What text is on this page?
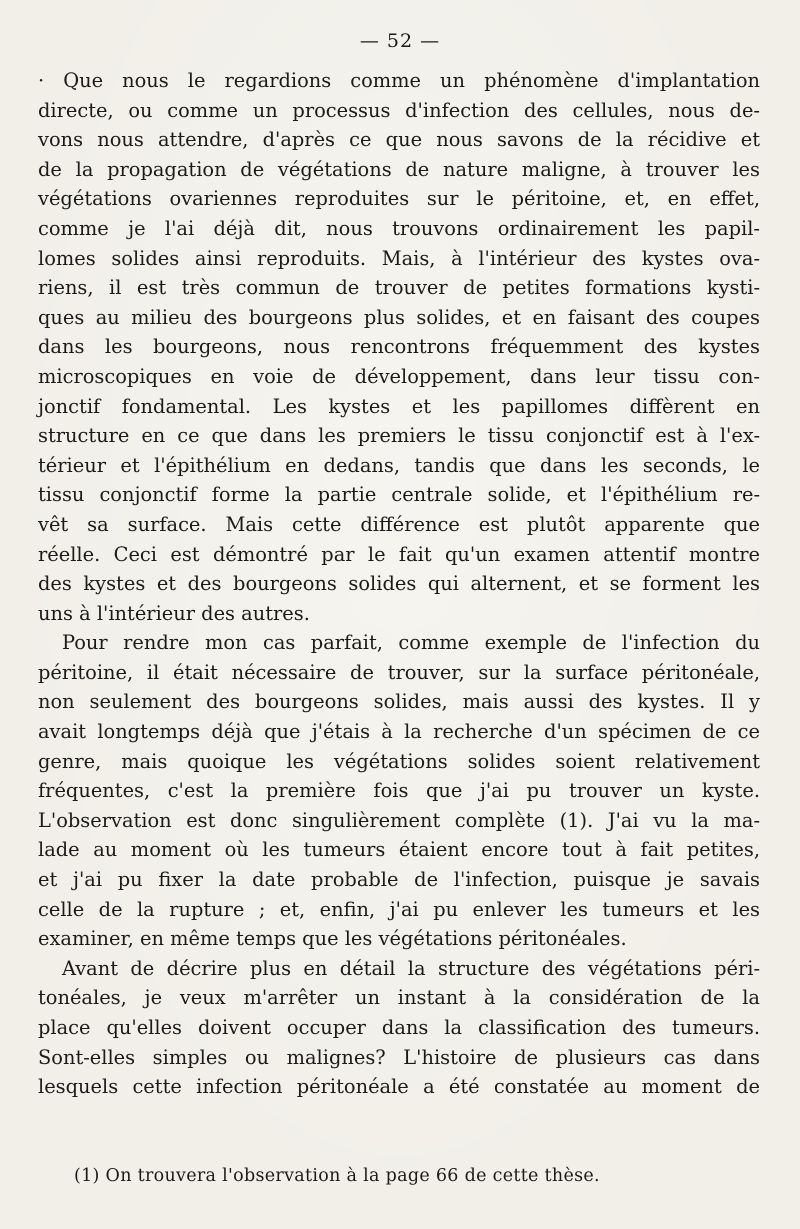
— 52 —

· Que nous le regardions comme un phénomène d'implantation

directe, ou comme un processus d'infection des cellules, nous de-

vons nous attendre, d'après ce que nous savons de la récidive et

de la propagation de végétations de nature maligne, à trouver les

végétations ovariennes reproduites sur le péritoine, et, en effet,

comme je l'ai déjà dit, nous trouvons ordinairement les papil-

lomes solides ainsi reproduits. Mais, à l'intérieur des kystes ova-

riens, il est très commun de trouver de petites formations kysti-

ques au milieu des bourgeons plus solides, et en faisant des coupes

dans les bourgeons, nous rencontrons fréquemment des kystes

microscopiques en voie de développement, dans leur tissu con-

jonctif fondamental. Les kystes et les papillomes diffèrent en

structure en ce que dans les premiers le tissu conjonctif est à l'ex-

térieur et l'épithélium en dedans, tandis que dans les seconds, le

tissu conjonctif forme la partie centrale solide, et l'épithélium re-

vêt sa surface. Mais cette différence est plutôt apparente que

réelle. Ceci est démontré par le fait qu'un examen attentif montre

des kystes et des bourgeons solides qui alternent, et se forment les

uns à l'intérieur des autres.

Pour rendre mon cas parfait, comme exemple de l'infection du

péritoine, il était nécessaire de trouver, sur la surface péritonéale,

non seulement des bourgeons solides, mais aussi des kystes. Il y

avait longtemps déjà que j'étais à la recherche d'un spécimen de ce

genre, mais quoique les végétations solides soient relativement

fréquentes, c'est la première fois que j'ai pu trouver un kyste.

L'observation est donc singulièrement complète (1). J'ai vu la ma-

lade au moment où les tumeurs étaient encore tout à fait petites,

et j'ai pu fixer la date probable de l'infection, puisque je savais

celle de la rupture ; et, enfin, j'ai pu enlever les tumeurs et les

examiner, en même temps que les végétations péritonéales.

Avant de décrire plus en détail la structure des végétations péri-

tonéales, je veux m'arrêter un instant à la considération de la

place qu'elles doivent occuper dans la classification des tumeurs.

Sont-elles simples ou malignes? L'histoire de plusieurs cas dans

lesquels cette infection péritonéale a été constatée au moment de

(1) On trouvera l'observation à la page 66 de cette thèse.
